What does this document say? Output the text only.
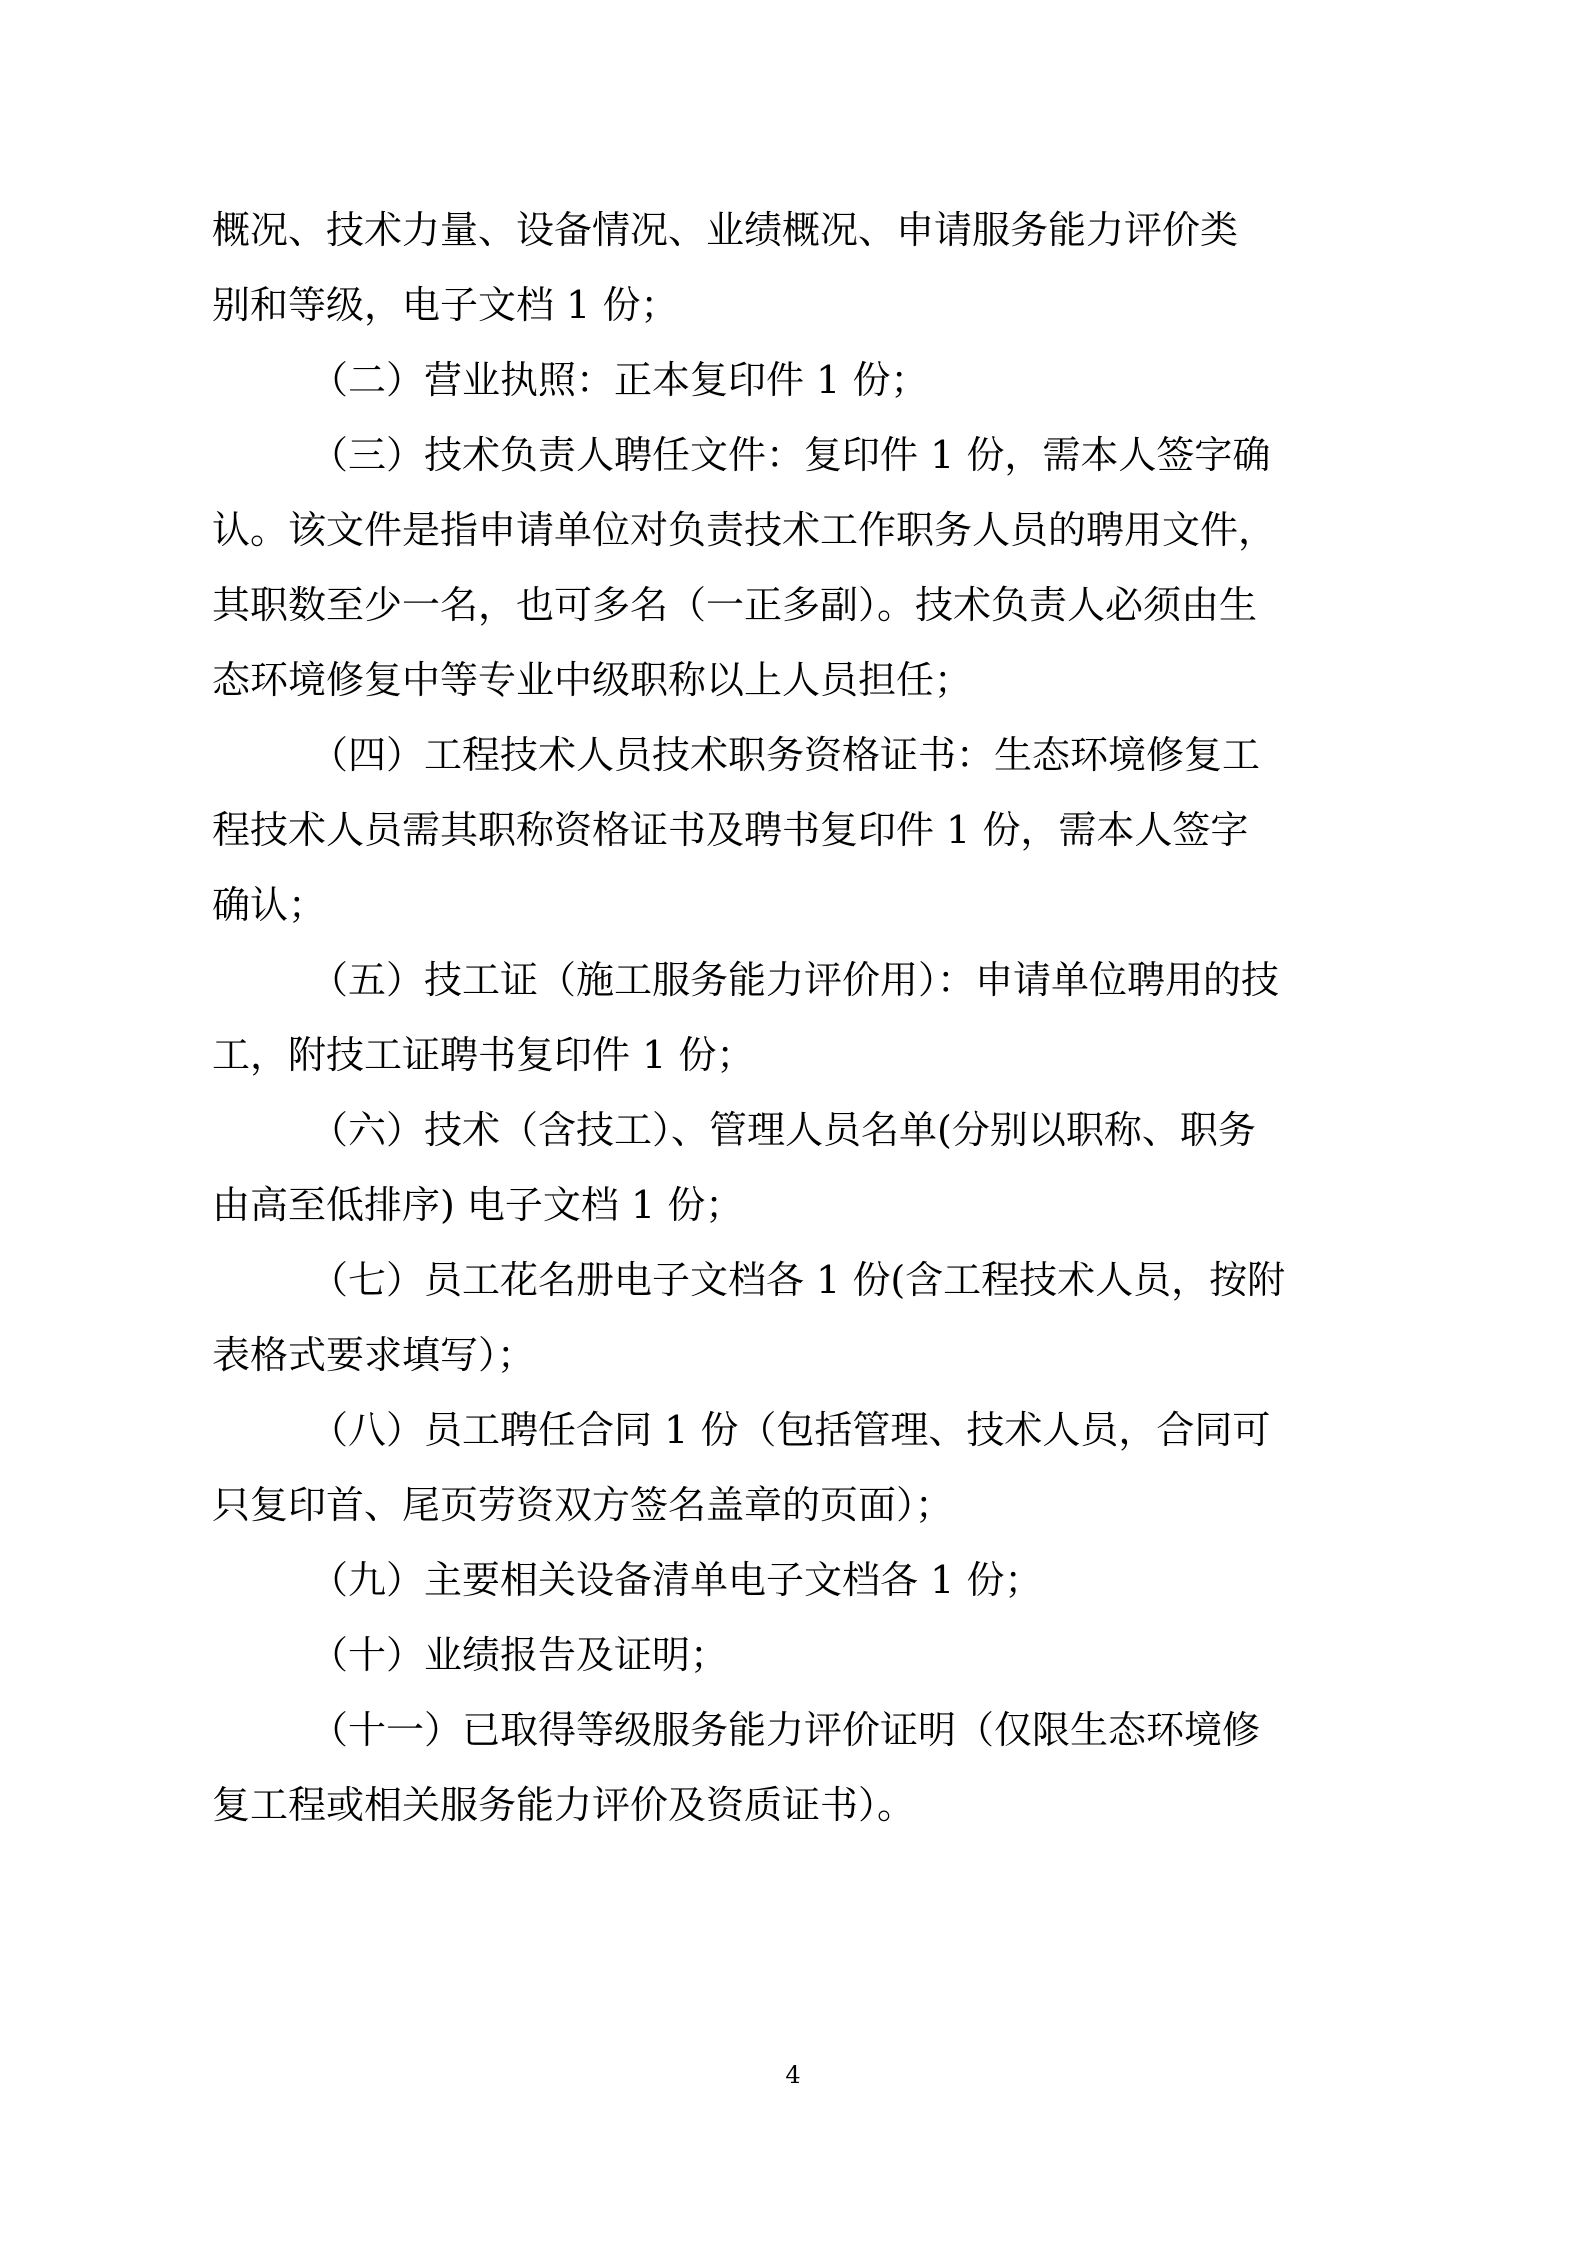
概况、技术力量、设备情况、业绩概况、申请服务能力评价类
别和等级，电子文档 1 份；
（二）营业执照：正本复印件 1 份；
（三）技术负责人聘任文件：复印件 1 份，需本人签字确
认。该文件是指申请单位对负责技术工作职务人员的聘用文件，
其职数至少一名，也可多名（一正多副）。技术负责人必须由生
态环境修复中等专业中级职称以上人员担任；
（四）工程技术人员技术职务资格证书：生态环境修复工
程技术人员需其职称资格证书及聘书复印件 1 份，需本人签字
确认；
（五）技工证（施工服务能力评价用）：申请单位聘用的技
工，附技工证聘书复印件 1 份；
（六）技术（含技工）、管理人员名单(分别以职称、职务
由高至低排序) 电子文档 1 份；
（七）员工花名册电子文档各 1 份(含工程技术人员，按附
表格式要求填写）；
（八）员工聘任合同 1 份（包括管理、技术人员，合同可
只复印首、尾页劳资双方签名盖章的页面）；
（九）主要相关设备清单电子文档各 1 份；
（十）业绩报告及证明；
（十一）已取得等级服务能力评价证明（仅限生态环境修
复工程或相关服务能力评价及资质证书）。
4
